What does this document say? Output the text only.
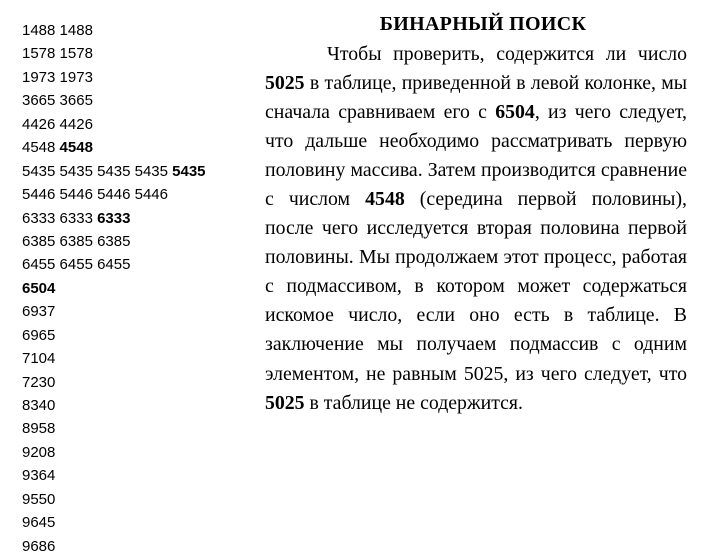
1488 1488
1578 1578
1973 1973
3665 3665
4426 4426
4548 4548
5435 5435 5435 5435 5435
5446 5446 5446 5446
6333 6333 6333
6385 6385 6385
6455 6455 6455
6504
6937
6965
7104
7230
8340
8958
9208
9364
9550
9645
9686
БИНАРНЫЙ ПОИСК

Чтобы проверить, содержится ли число 5025 в таблице, приведенной в левой колонке, мы сначала сравниваем его с 6504, из чего следует, что дальше необходимо рассматривать первую половину массива. Затем производится сравнение с числом 4548 (середина первой половины), после чего исследуется вторая половина первой половины. Мы продолжаем этот процесс, работая с подмассивом, в котором может содержаться искомое число, если оно есть в таблице. В заключение мы получаем подмассив с одним элементом, не равным 5025, из чего следует, что 5025 в таблице не содержится.
